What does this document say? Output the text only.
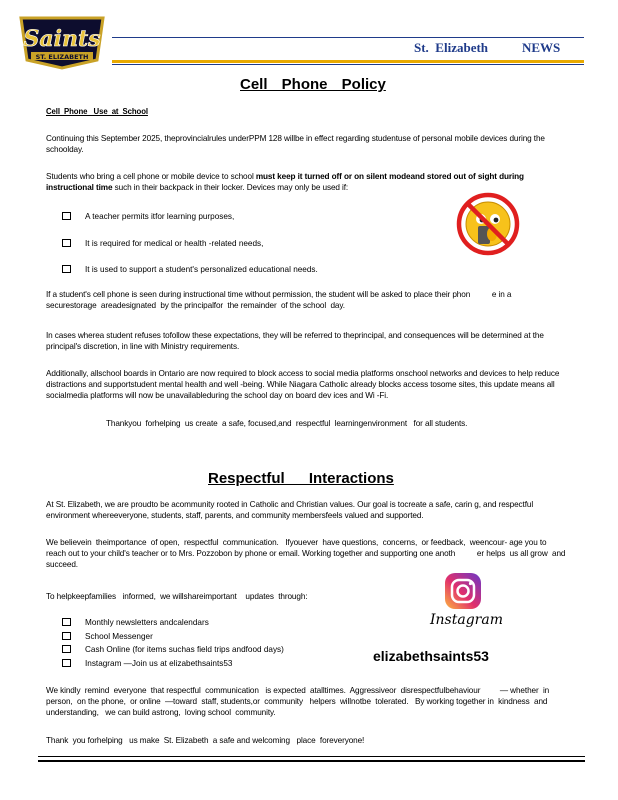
Saints
ST. ELIZABETH
St.  Elizabeth	NEWS
Cell Phone Policy
Cell  Phone   Use  at  School
Continuing this September 2025, theprovincialrules underPPM 128 willbe in effect regarding studentuse of personal mobile devices during the schoolday.
Students who bring a cell phone or mobile device to school must keep it turned off or on silent modeand stored out of sight during instructional time such in their backpack in their locker. Devices may only be used if:
A teacher permits itfor learning purposes,
It is required for medical or health -related needs,
It is used to support a student's personalized educational needs.
If a student's cell phone is seen during instructional time without permission, the student will be asked to place their phon          e in a securestorage  areadesignated  by the principalfor  the remainder  of the school  day.
In cases wherea student refuses tofollow these expectations, they will be referred to theprincipal, and consequences will be determined at the principal's discretion, in line with Ministry requirements.
Additionally, allschool boards in Ontario are now required to block access to social media platforms onschool networks and devices to help reduce distractions and supportstudent mental health and well -being. While Niagara Catholic already blocks access tosome sites, this update means all socialmedia platforms will now be unavailableduring the school day on board dev ices and Wi -Fi.
Thankyou  forhelping  us create  a safe, focused,and  respectful  learningenvironment   for all students.
Respectful Interactions
At St. Elizabeth, we are proudto be acommunity rooted in Catholic and Christian values. Our goal is tocreate a safe, carin g, and respectful environment whereeveryone, students, staff, parents, and community membersfeels valued and supported.
We believein  theimportance  of open,  respectful  communication.   Ifyouever  have questions,  concerns,  or feedback,  weencour- age you to reach out to your child's teacher or to Mrs. Pozzobon by phone or email. Working together and supporting one anoth          er helps  us all grow  and  succeed.
To helpkeepfamilies   informed,  we willshareimportant    updates  through:
Monthly newsletters andcalendars
School Messenger
Cash Online (for items suchas field trips andfood days)
Instagram —Join us at elizabethsaints53
Instagram
elizabethsaints53
We kindly  remind  everyone  that respectful  communication   is expected  atalltimes.  Aggressiveor  disrespectfulbehaviour         — whether  in person,  on the phone,  or online  —toward  staff, students,or  community   helpers  willnotbe  tolerated.   By working together in  kindness  and understanding,   we can build astrong,  loving school  community.
Thank  you forhelping   us make  St. Elizabeth  a safe and welcoming   place  foreveryone!
